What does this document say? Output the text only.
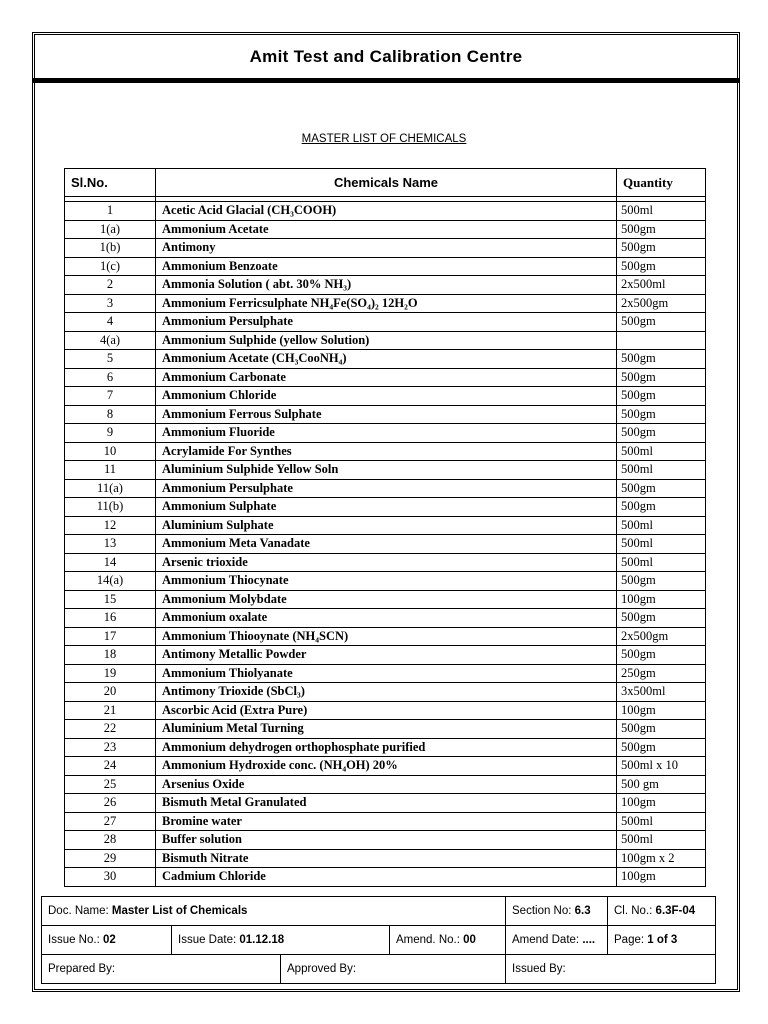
Amit Test and Calibration Centre
MASTER LIST OF CHEMICALS
Sl.No.	Chemicals Name	Quantity

1	Acetic Acid Glacial (CH₃COOH)	500ml
1(a)	Ammonium Acetate	500gm
1(b)	Antimony	500gm
1(c)	Ammonium Benzoate	500gm
2	Ammonia Solution ( abt. 30% NH₃)	2x500ml
3	Ammonium Ferricsulphate NH₄Fe(SO₄)₂ 12H₂O	2x500gm
4	Ammonium Persulphate	500gm
4(a)	Ammonium Sulphide (yellow Solution)	
5	Ammonium Acetate (CH₃CooNH₄)	500gm
6	Ammonium Carbonate	500gm
7	Ammonium Chloride	500gm
8	Ammonium Ferrous Sulphate	500gm
9	Ammonium Fluoride	500gm
10	Acrylamide For Synthes	500ml
11	Aluminium Sulphide Yellow Soln	500ml
11(a)	Ammonium Persulphate	500gm
11(b)	Ammonium Sulphate	500gm
12	Aluminium Sulphate	500ml
13	Ammonium Meta Vanadate	500ml
14	Arsenic trioxide	500ml
14(a)	Ammonium Thiocynate	500gm
15	Ammonium Molybdate	100gm
16	Ammonium oxalate	500gm
17	Ammonium Thiooynate (NH₄SCN)	2x500gm
18	Antimony Metallic Powder	500gm
19	Ammonium Thiolyanate	250gm
20	Antimony Trioxide (SbCl₃)	3x500ml
21	Ascorbic Acid (Extra Pure)	100gm
22	Aluminium Metal Turning	500gm
23	Ammonium dehydrogen orthophosphate purified	500gm
24	Ammonium Hydroxide conc. (NH₄OH) 20%	500ml x 10
25	Arsenius Oxide	500 gm
26	Bismuth Metal Granulated	100gm
27	Bromine water	500ml
28	Buffer solution	500ml
29	Bismuth Nitrate	100gm x 2
30	Cadmium Chloride	100gm
Doc. Name: Master List of Chemicals				Section No: 6.3	Cl. No.: 6.3F-04
Issue No.: 02	Issue Date: 01.12.18		Amend. No.: 00	Amend Date: ....	Page: 1 of 3
Prepared By:		Approved By:		Issued By:	
